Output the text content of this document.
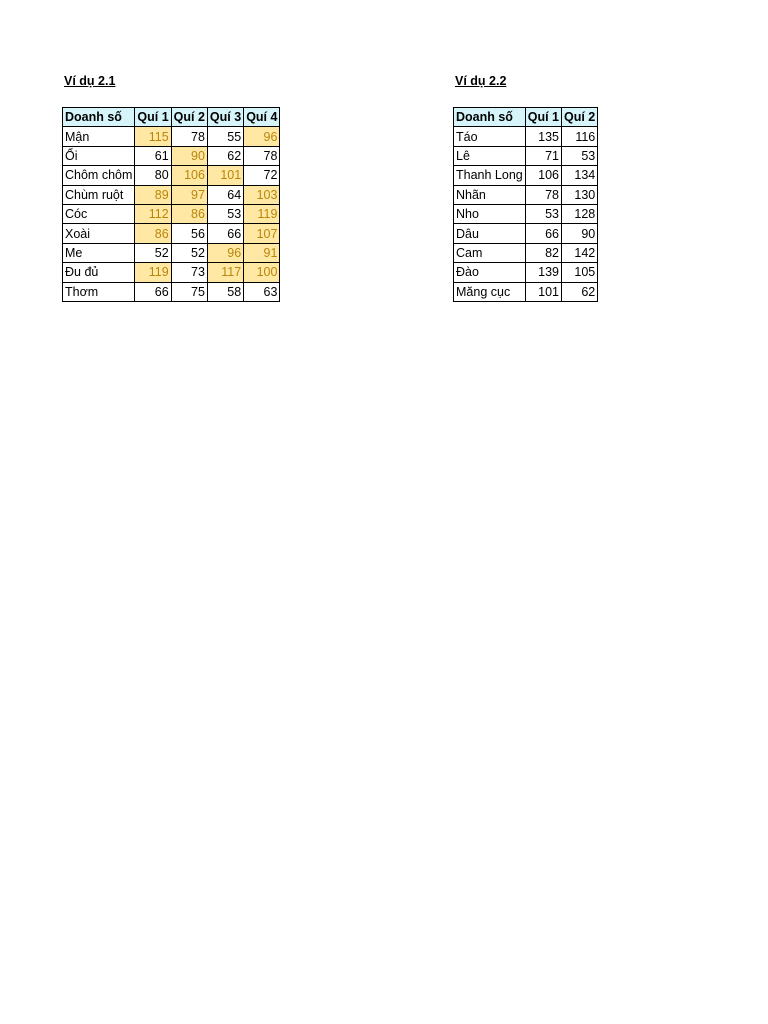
Ví dụ 2.1
Doanh số	Quí 1	Quí 2	Quí 3	Quí 4
Mận	115	78	55	96
Ổi	61	90	62	78
Chôm chôm	80	106	101	72
Chùm ruột	89	97	64	103
Cóc	112	86	53	119
Xoài	86	56	66	107
Me	52	52	96	91
Đu đủ	119	73	117	100
Thơm	66	75	58	63
Ví dụ 2.2
Doanh số	Quí 1	Quí 2
Táo	135	116
Lê	71	53
Thanh Long	106	134
Nhãn	78	130
Nho	53	128
Dâu	66	90
Cam	82	142
Đào	139	105
Măng cục	101	62
